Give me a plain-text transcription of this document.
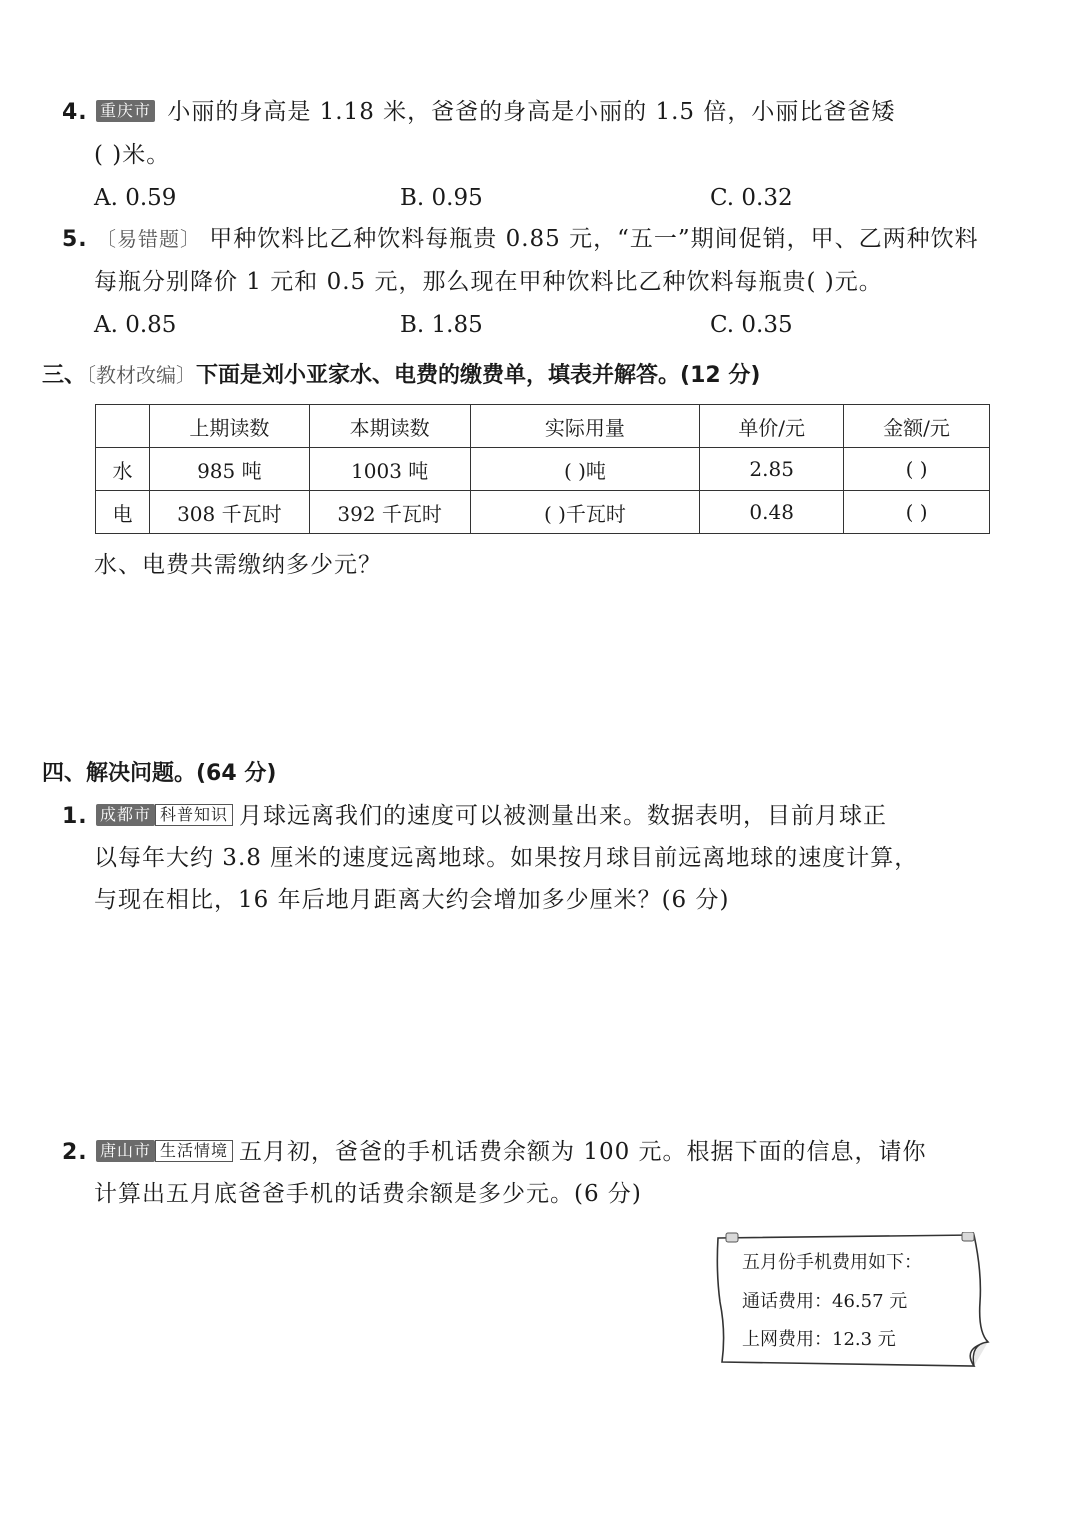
4. 重庆市 小丽的身高是 1.18 米，爸爸的身高是小丽的 1.5 倍，小丽比爸爸矮
( )米。
A. 0.59	B. 0.95	C. 0.32
5. 〔易错题〕 甲种饮料比乙种饮料每瓶贵 0.85 元，“五一”期间促销，甲、乙两种饮料
每瓶分别降价 1 元和 0.5 元，那么现在甲种饮料比乙种饮料每瓶贵( )元。
A. 0.85	B. 1.85	C. 0.35
三、〔教材改编〕下面是刘小亚家水、电费的缴费单，填表并解答。(12 分)
	上期读数	本期读数	实际用量	单价/元	金额/元
水	985 吨	1003 吨	( )吨	2.85	( )
电	308 千瓦时	392 千瓦时	( )千瓦时	0.48	( )
水、电费共需缴纳多少元？
四、解决问题。(64 分)
1. 成都市 科普知识 月球远离我们的速度可以被测量出来。数据表明，目前月球正
以每年大约 3.8 厘米的速度远离地球。如果按月球目前远离地球的速度计算，
与现在相比，16 年后地月距离大约会增加多少厘米？(6 分)
2. 唐山市 生活情境 五月初，爸爸的手机话费余额为 100 元。根据下面的信息，请你
计算出五月底爸爸手机的话费余额是多少元。(6 分)
五月份手机费用如下：
通话费用：46.57 元
上网费用：12.3 元
